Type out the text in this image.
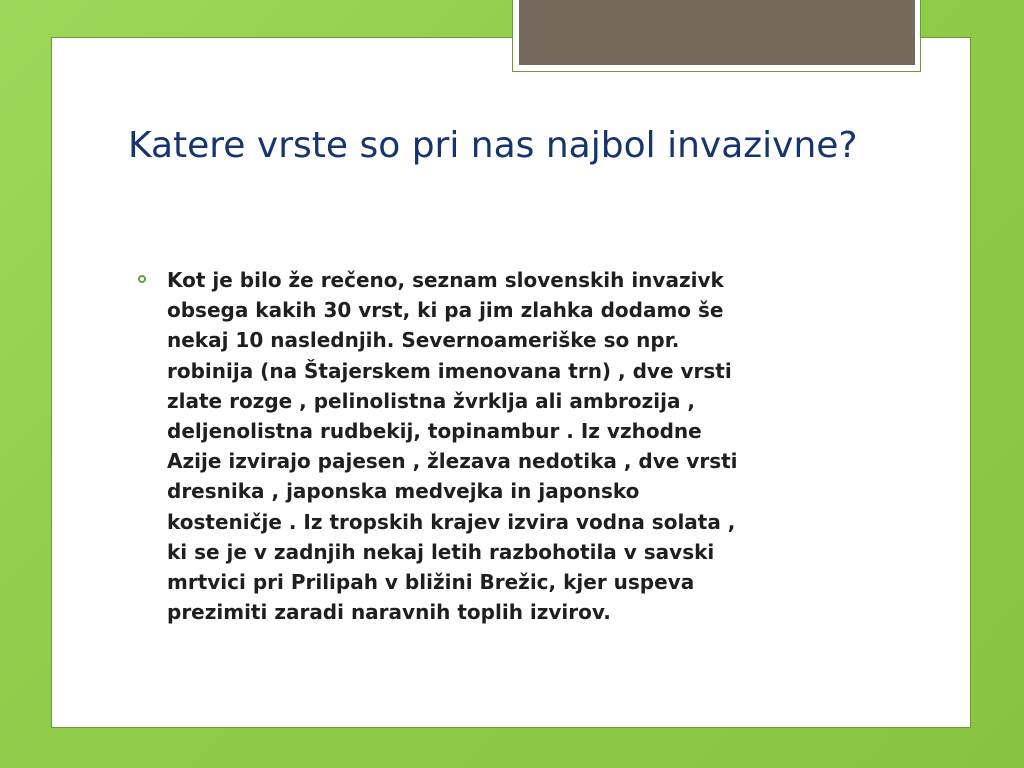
Katere vrste so pri nas najbol invazivne?

Kot je bilo že rečeno, seznam slovenskih invazivk
obsega kakih 30 vrst, ki pa jim zlahka dodamo še
nekaj 10 naslednjih. Severnoameriške so npr.
robinija (na Štajerskem imenovana trn) , dve vrsti
zlate rozge , pelinolistna žvrklja ali ambrozija ,
deljenolistna rudbekij, topinambur . Iz vzhodne
Azije izvirajo pajesen , žlezava nedotika , dve vrsti
dresnika , japonska medvejka in japonsko
kosteničje . Iz tropskih krajev izvira vodna solata ,
ki se je v zadnjih nekaj letih razbohotila v savski
mrtvici pri Prilipah v bližini Brežic, kjer uspeva
prezimiti zaradi naravnih toplih izvirov.
